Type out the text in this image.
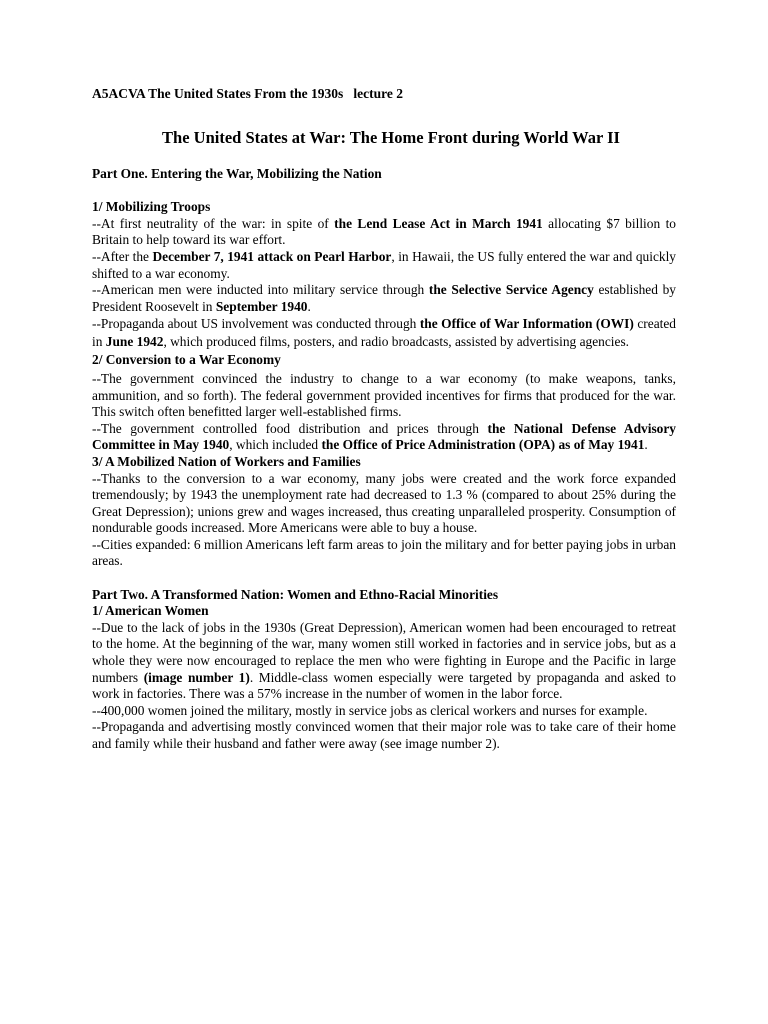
A5ACVA The United States From the 1930s   lecture 2
The United States at War: The Home Front during World War II
Part One. Entering the War, Mobilizing the Nation
1/ Mobilizing Troops

--At first neutrality of the war: in spite of the Lend Lease Act in March 1941 allocating $7 billion to Britain to help toward its war effort.

--After the December 7, 1941 attack on Pearl Harbor, in Hawaii, the US fully entered the war and quickly shifted to a war economy.

--American men were inducted into military service through the Selective Service Agency established by President Roosevelt in September 1940.

--Propaganda about US involvement was conducted through the Office of War Information (OWI) created in June 1942, which produced films, posters, and radio broadcasts, assisted by advertising agencies.

2/ Conversion to a War Economy

--The government convinced the industry to change to a war economy (to make weapons, tanks, ammunition, and so forth). The federal government provided incentives for firms that produced for the war. This switch often benefitted larger well-established firms.

--The government controlled food distribution and prices through the National Defense Advisory Committee in May 1940, which included the Office of Price Administration (OPA) as of May 1941.

3/ A Mobilized Nation of Workers and Families

--Thanks to the conversion to a war economy, many jobs were created and the work force expanded tremendously; by 1943 the unemployment rate had decreased to 1.3 % (compared to about 25% during the Great Depression); unions grew and wages increased, thus creating unparalleled prosperity. Consumption of nondurable goods increased. More Americans were able to buy a house.

--Cities expanded: 6 million Americans left farm areas to join the military and for better paying jobs in urban areas.

Part Two. A Transformed Nation: Women and Ethno-Racial Minorities
1/ American Women

--Due to the lack of jobs in the 1930s (Great Depression), American women had been encouraged to retreat to the home. At the beginning of the war, many women still worked in factories and in service jobs, but as a whole they were now encouraged to replace the men who were fighting in Europe and the Pacific in large numbers (image number 1). Middle-class women especially were targeted by propaganda and asked to work in factories. There was a 57% increase in the number of women in the labor force.

--400,000 women joined the military, mostly in service jobs as clerical workers and nurses for example.

--Propaganda and advertising mostly convinced women that their major role was to take care of their home and family while their husband and father were away (see image number 2).
